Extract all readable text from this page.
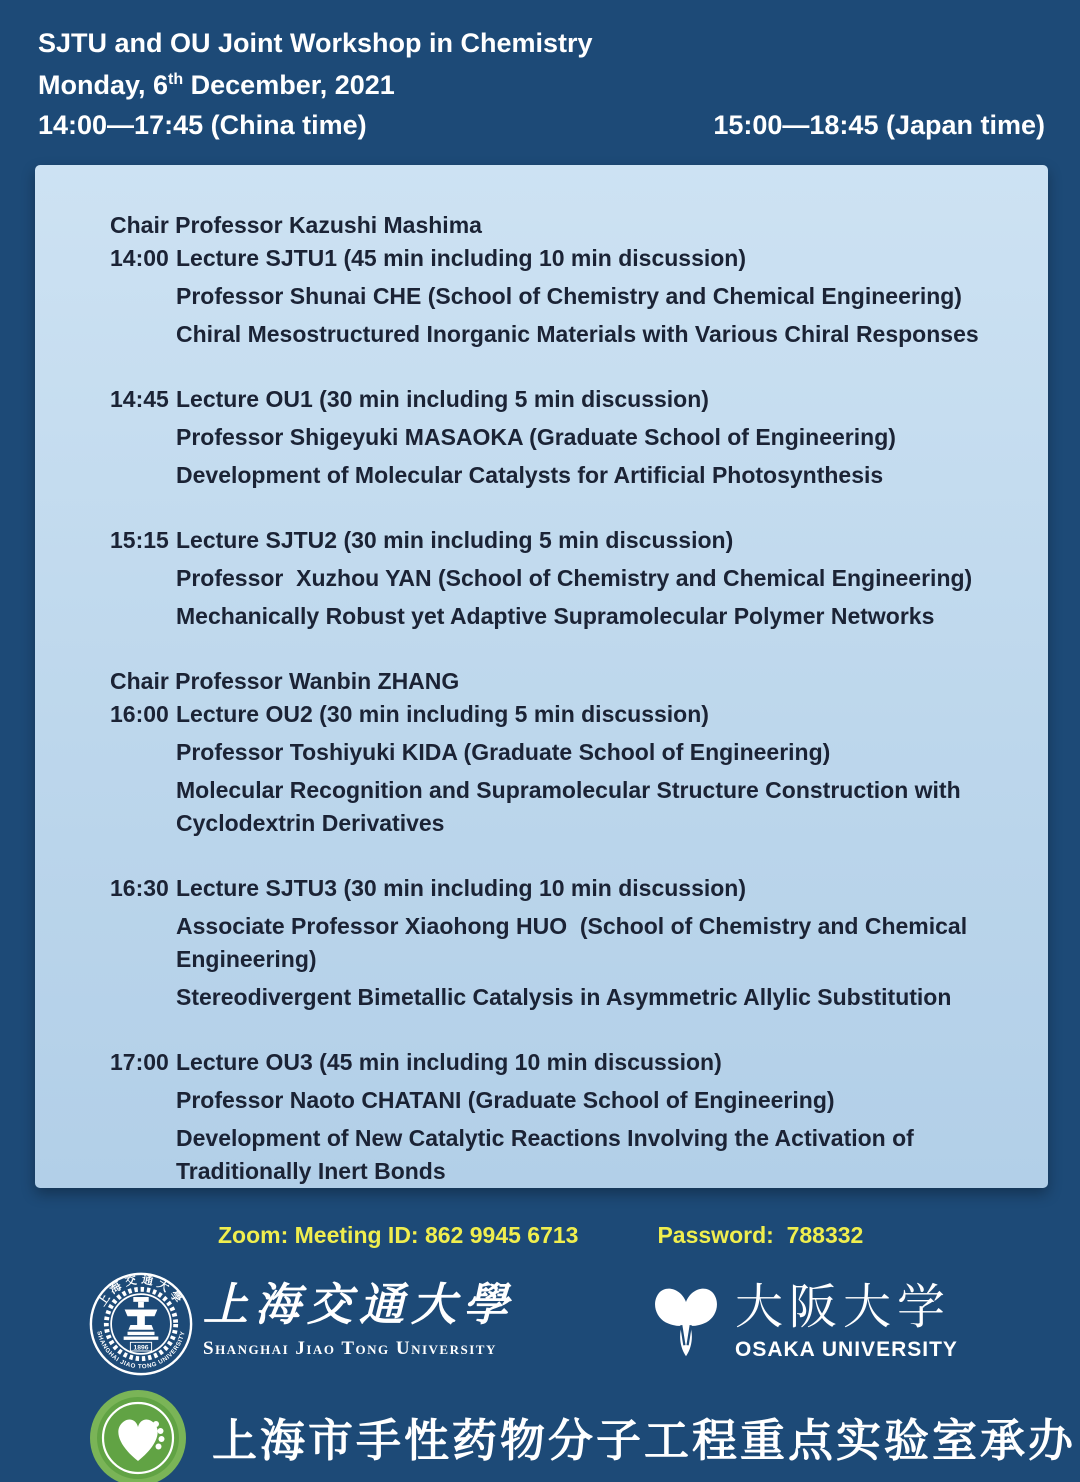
SJTU and OU Joint Workshop in Chemistry
Monday, 6th December, 2021
14:00—17:45 (China time)	15:00—18:45 (Japan time)
Chair Professor Kazushi Mashima
14:00 Lecture SJTU1 (45 min including 10 min discussion)
Professor Shunai CHE (School of Chemistry and Chemical Engineering)
Chiral Mesostructured Inorganic Materials with Various Chiral Responses
14:45 Lecture OU1 (30 min including 5 min discussion)
Professor Shigeyuki MASAOKA (Graduate School of Engineering)
Development of Molecular Catalysts for Artificial Photosynthesis
15:15 Lecture SJTU2 (30 min including 5 min discussion)
Professor  Xuzhou YAN (School of Chemistry and Chemical Engineering)
Mechanically Robust yet Adaptive Supramolecular Polymer Networks
Chair Professor Wanbin ZHANG
16:00 Lecture OU2 (30 min including 5 min discussion)
Professor Toshiyuki KIDA (Graduate School of Engineering)
Molecular Recognition and Supramolecular Structure Construction with Cyclodextrin Derivatives
16:30 Lecture SJTU3 (30 min including 10 min discussion)
Associate Professor Xiaohong HUO  (School of Chemistry and Chemical Engineering)
Stereodivergent Bimetallic Catalysis in Asymmetric Allylic Substitution
17:00 Lecture OU3 (45 min including 10 min discussion)
Professor Naoto CHATANI (Graduate School of Engineering)
Development of New Catalytic Reactions Involving the Activation of Traditionally Inert Bonds
Zoom: Meeting ID: 862 9945 6713	Password:  788332
上海交通大學
SHANGHAI JIAO TONG UNIVERSITY
1896
上海交通大學
Shanghai Jiao Tong University
大阪大学
OSAKA UNIVERSITY
上海市手性药物分子工程重点实验室承办
